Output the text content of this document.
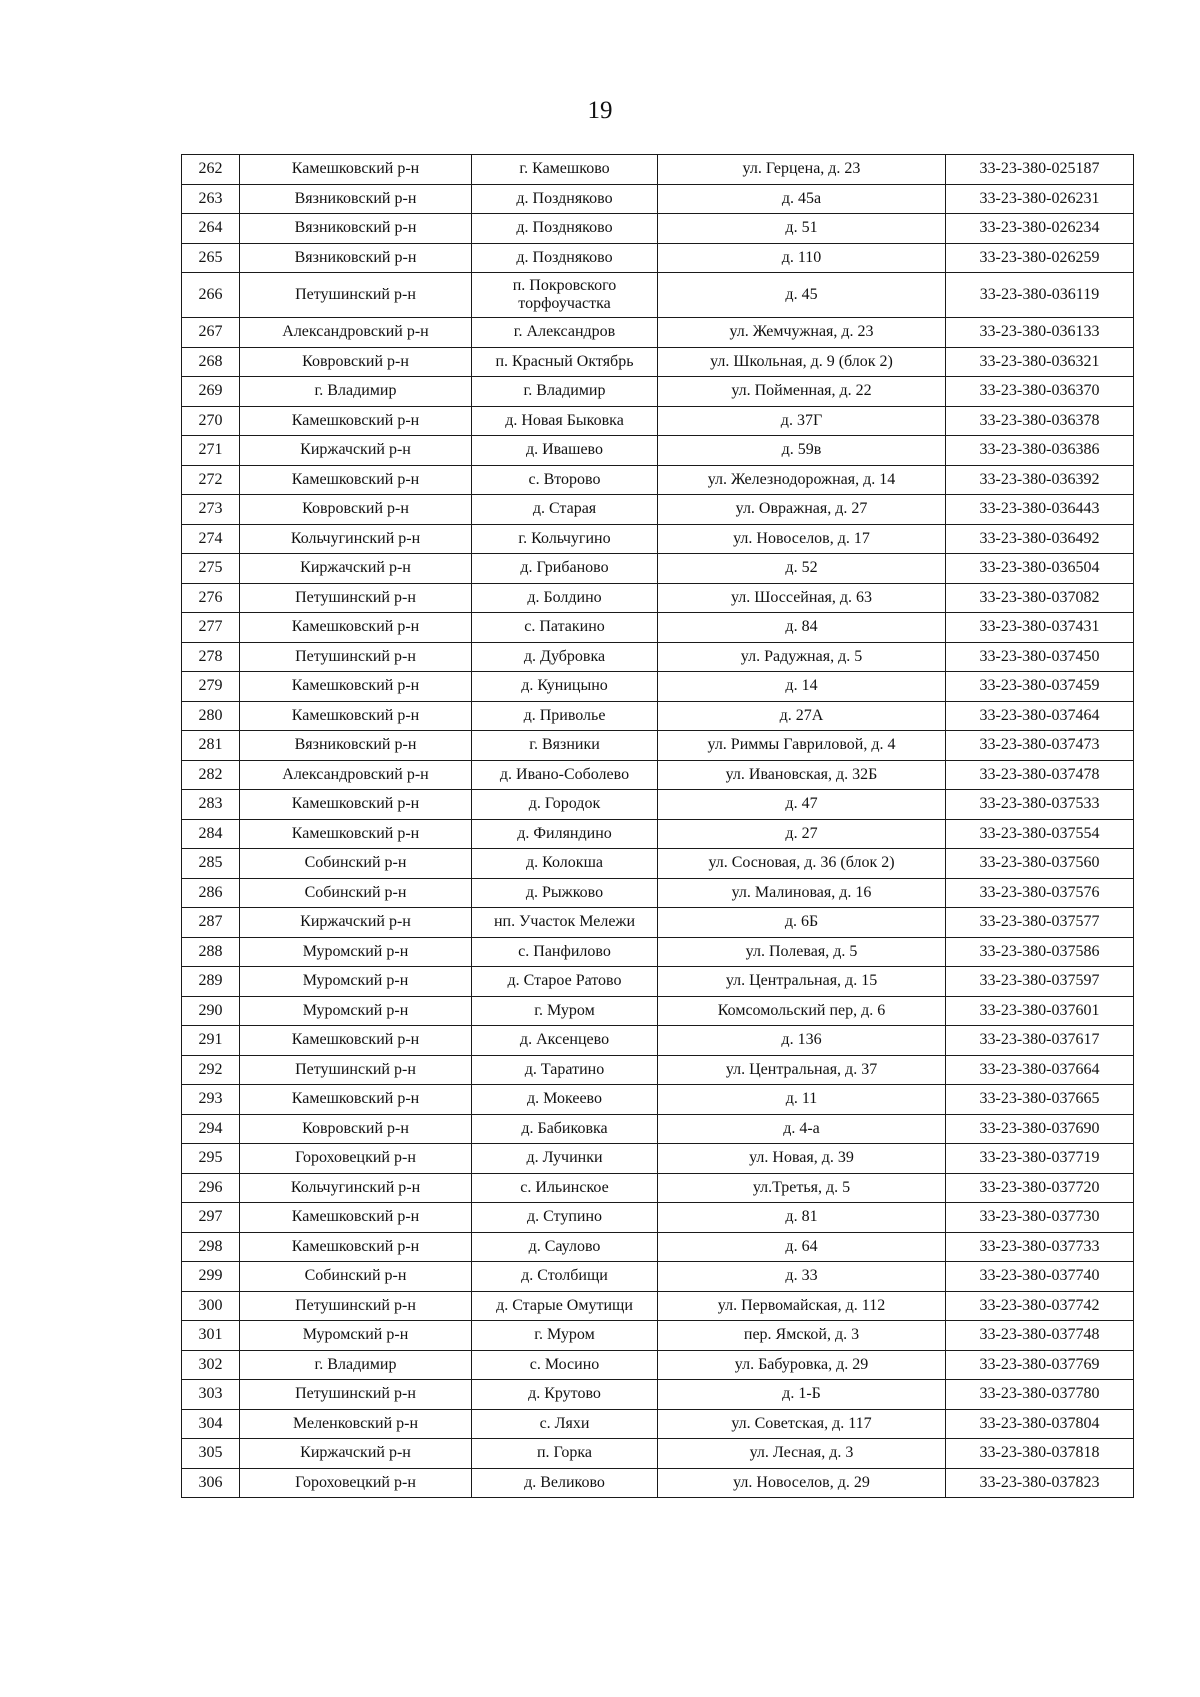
19
262	Камешковский р-н	г. Камешково	ул. Герцена, д. 23	33-23-380-025187
263	Вязниковский р-н	д. Поздняково	д. 45а	33-23-380-026231
264	Вязниковский р-н	д. Поздняково	д. 51	33-23-380-026234
265	Вязниковский р-н	д. Поздняково	д. 110	33-23-380-026259
266	Петушинский р-н	п. Покровского торфоучастка	д. 45	33-23-380-036119
267	Александровский р-н	г. Александров	ул. Жемчужная, д. 23	33-23-380-036133
268	Ковровский р-н	п. Красный Октябрь	ул. Школьная, д. 9 (блок 2)	33-23-380-036321
269	г. Владимир	г. Владимир	ул. Пойменная, д. 22	33-23-380-036370
270	Камешковский р-н	д. Новая Быковка	д. 37Г	33-23-380-036378
271	Киржачский р-н	д. Ивашево	д. 59в	33-23-380-036386
272	Камешковский р-н	с. Второво	ул. Железнодорожная, д. 14	33-23-380-036392
273	Ковровский р-н	д. Старая	ул. Овражная, д. 27	33-23-380-036443
274	Кольчугинский р-н	г. Кольчугино	ул. Новоселов, д. 17	33-23-380-036492
275	Киржачский р-н	д. Грибаново	д. 52	33-23-380-036504
276	Петушинский р-н	д. Болдино	ул. Шоссейная, д. 63	33-23-380-037082
277	Камешковский р-н	с. Патакино	д. 84	33-23-380-037431
278	Петушинский р-н	д. Дубровка	ул. Радужная, д. 5	33-23-380-037450
279	Камешковский р-н	д. Куницыно	д. 14	33-23-380-037459
280	Камешковский р-н	д. Приволье	д. 27А	33-23-380-037464
281	Вязниковский р-н	г. Вязники	ул. Риммы Гавриловой, д. 4	33-23-380-037473
282	Александровский р-н	д. Ивано-Соболево	ул. Ивановская, д. 32Б	33-23-380-037478
283	Камешковский р-н	д. Городок	д. 47	33-23-380-037533
284	Камешковский р-н	д. Филяндино	д. 27	33-23-380-037554
285	Собинский р-н	д. Колокша	ул. Сосновая, д. 36 (блок 2)	33-23-380-037560
286	Собинский р-н	д. Рыжково	ул. Малиновая, д. 16	33-23-380-037576
287	Киржачский р-н	нп. Участок Мележи	д. 6Б	33-23-380-037577
288	Муромский р-н	с. Панфилово	ул. Полевая, д. 5	33-23-380-037586
289	Муромский р-н	д. Старое Ратово	ул. Центральная, д. 15	33-23-380-037597
290	Муромский р-н	г. Муром	Комсомольский пер, д. 6	33-23-380-037601
291	Камешковский р-н	д. Аксенцево	д. 136	33-23-380-037617
292	Петушинский р-н	д. Таратино	ул. Центральная, д. 37	33-23-380-037664
293	Камешковский р-н	д. Мокеево	д. 11	33-23-380-037665
294	Ковровский р-н	д. Бабиковка	д. 4-а	33-23-380-037690
295	Гороховецкий р-н	д. Лучинки	ул. Новая, д. 39	33-23-380-037719
296	Кольчугинский р-н	с. Ильинское	ул.Третья, д. 5	33-23-380-037720
297	Камешковский р-н	д. Ступино	д. 81	33-23-380-037730
298	Камешковский р-н	д. Саулово	д. 64	33-23-380-037733
299	Собинский р-н	д. Столбищи	д. 33	33-23-380-037740
300	Петушинский р-н	д. Старые Омутищи	ул. Первомайская, д. 112	33-23-380-037742
301	Муромский р-н	г. Муром	пер. Ямской, д. 3	33-23-380-037748
302	г. Владимир	с. Мосино	ул. Бабуровка, д. 29	33-23-380-037769
303	Петушинский р-н	д. Крутово	д. 1-Б	33-23-380-037780
304	Меленковский р-н	с. Ляхи	ул. Советская, д. 117	33-23-380-037804
305	Киржачский р-н	п. Горка	ул. Лесная, д. 3	33-23-380-037818
306	Гороховецкий р-н	д. Великово	ул. Новоселов, д. 29	33-23-380-037823
